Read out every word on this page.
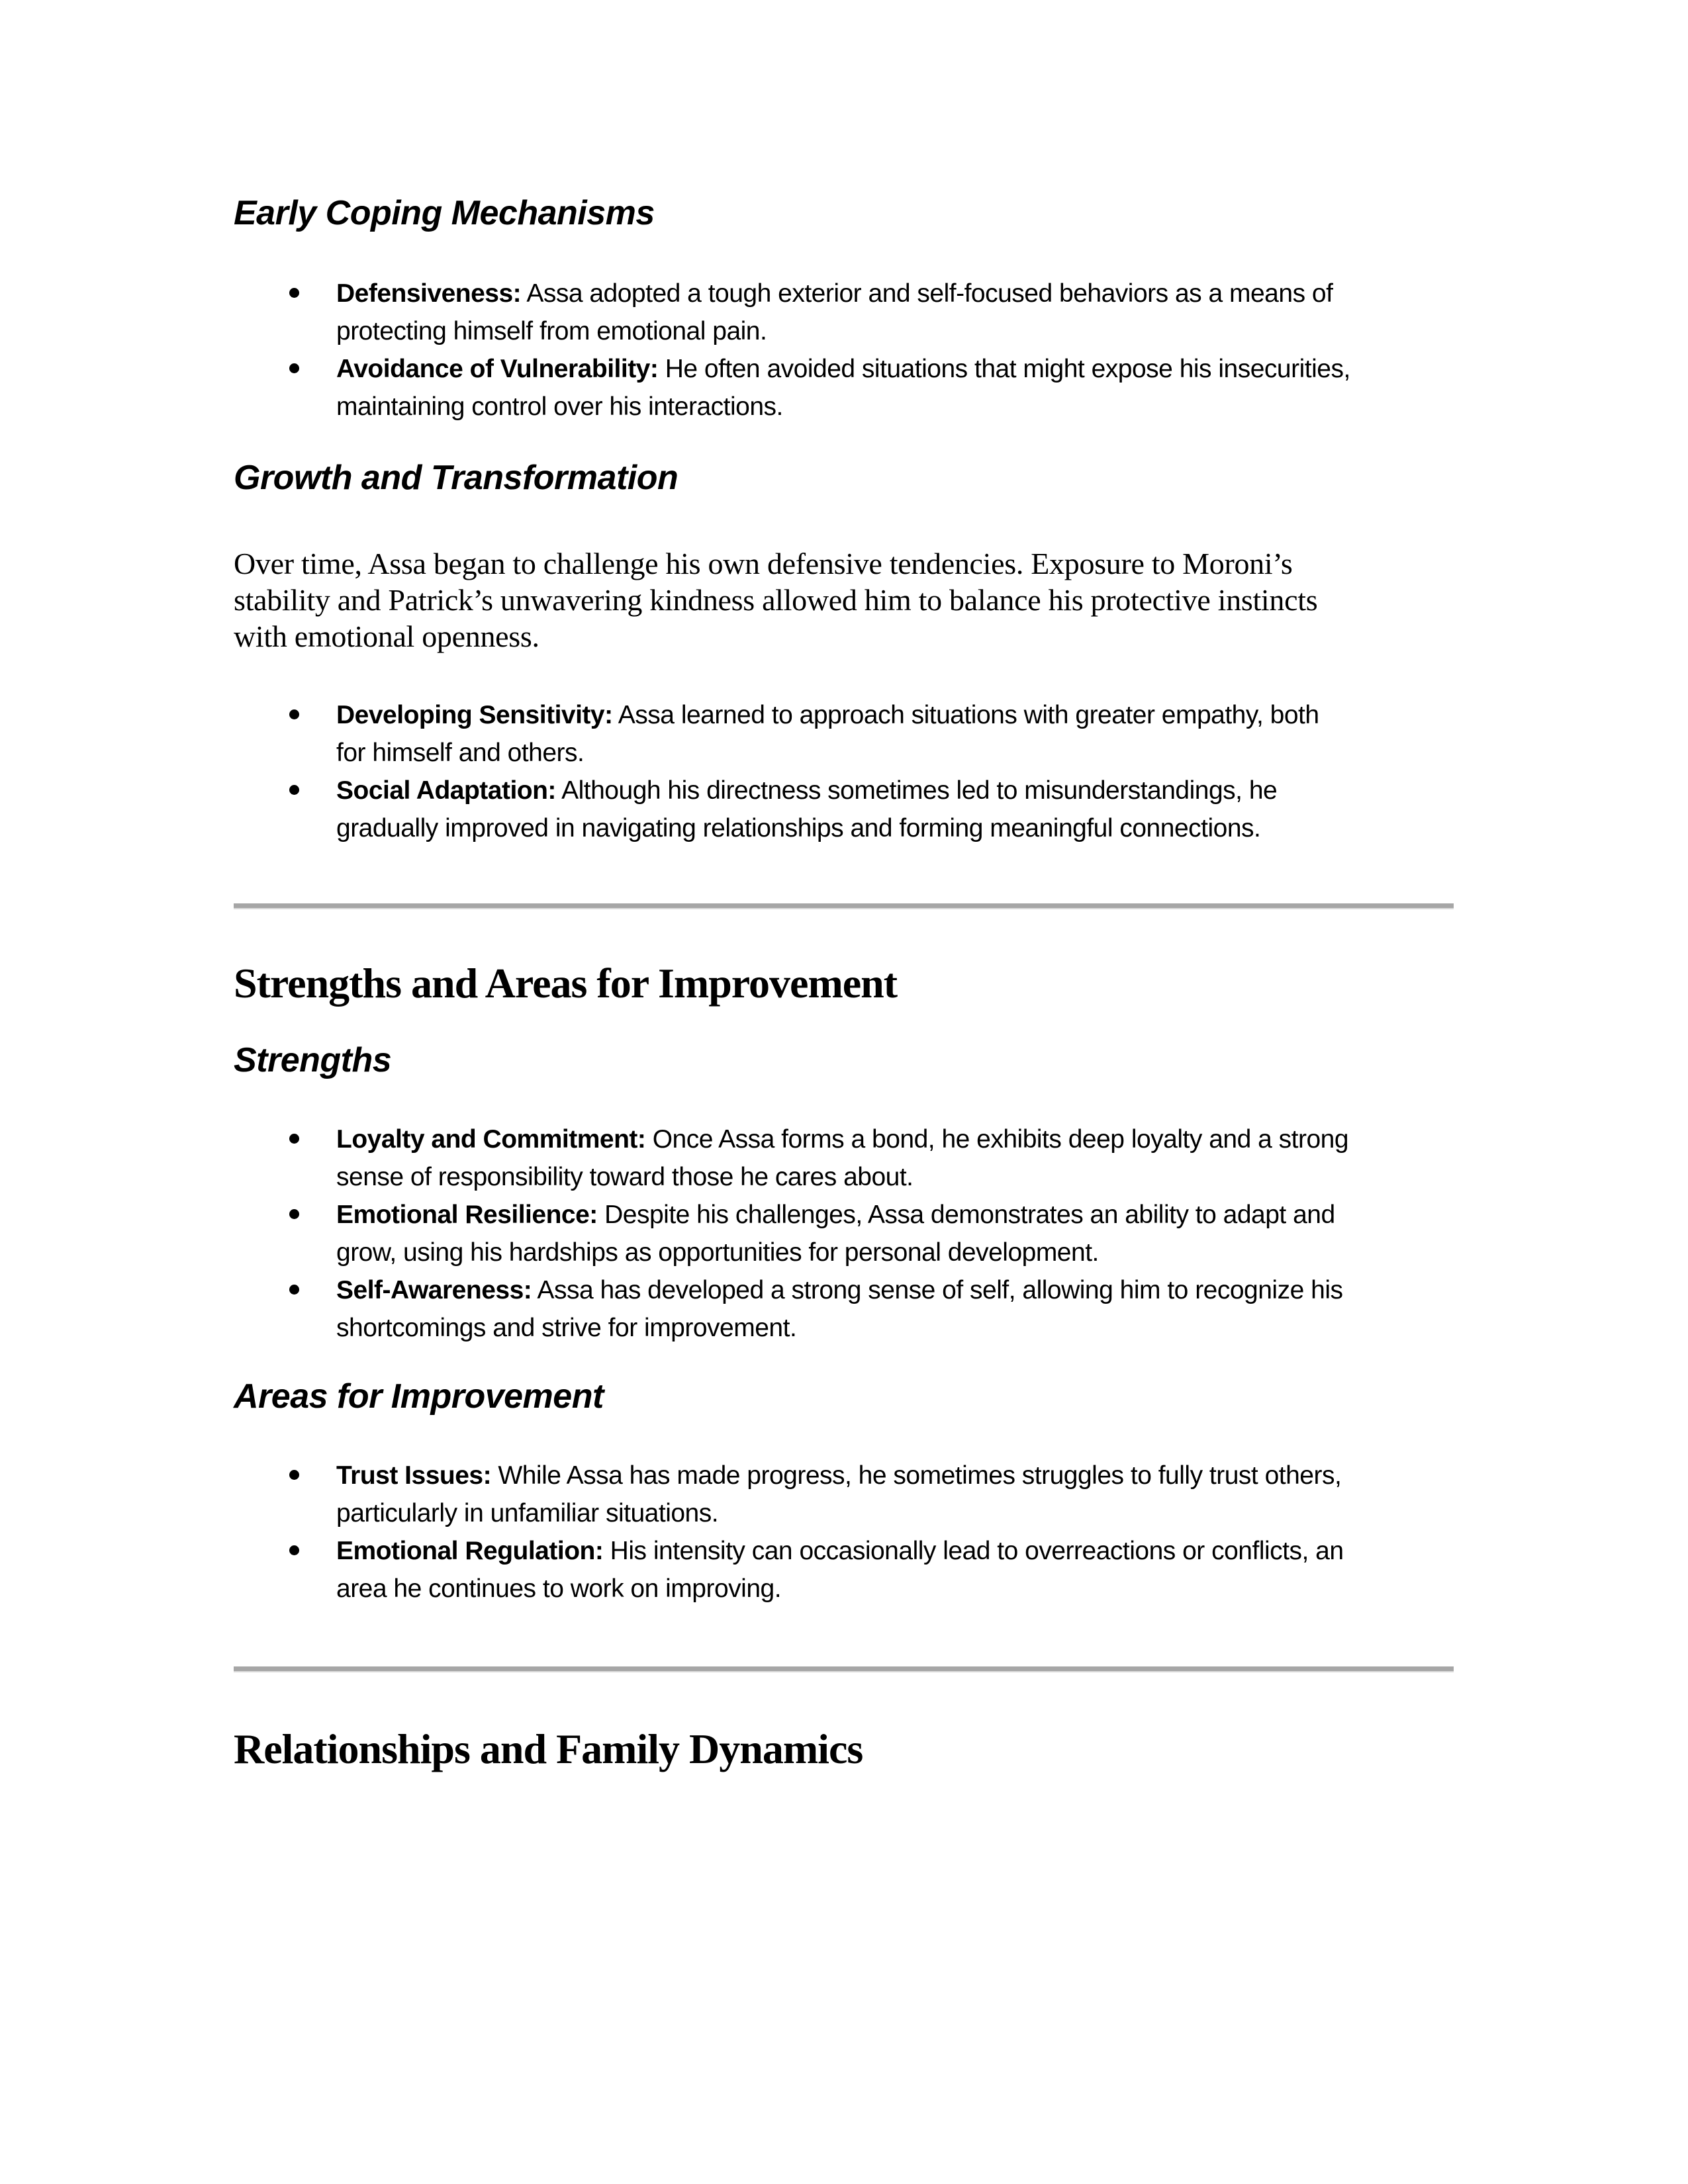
Early Coping Mechanisms
Defensiveness: Assa adopted a tough exterior and self-focused behaviors as a means of
protecting himself from emotional pain.
Avoidance of Vulnerability: He often avoided situations that might expose his insecurities,
maintaining control over his interactions.
Growth and Transformation
Over time, Assa began to challenge his own defensive tendencies. Exposure to Moroni’s
stability and Patrick’s unwavering kindness allowed him to balance his protective instincts
with emotional openness.
Developing Sensitivity: Assa learned to approach situations with greater empathy, both
for himself and others.
Social Adaptation: Although his directness sometimes led to misunderstandings, he
gradually improved in navigating relationships and forming meaningful connections.
Strengths and Areas for Improvement
Strengths
Loyalty and Commitment: Once Assa forms a bond, he exhibits deep loyalty and a strong
sense of responsibility toward those he cares about.
Emotional Resilience: Despite his challenges, Assa demonstrates an ability to adapt and
grow, using his hardships as opportunities for personal development.
Self-Awareness: Assa has developed a strong sense of self, allowing him to recognize his
shortcomings and strive for improvement.
Areas for Improvement
Trust Issues: While Assa has made progress, he sometimes struggles to fully trust others,
particularly in unfamiliar situations.
Emotional Regulation: His intensity can occasionally lead to overreactions or conflicts, an
area he continues to work on improving.
Relationships and Family Dynamics
